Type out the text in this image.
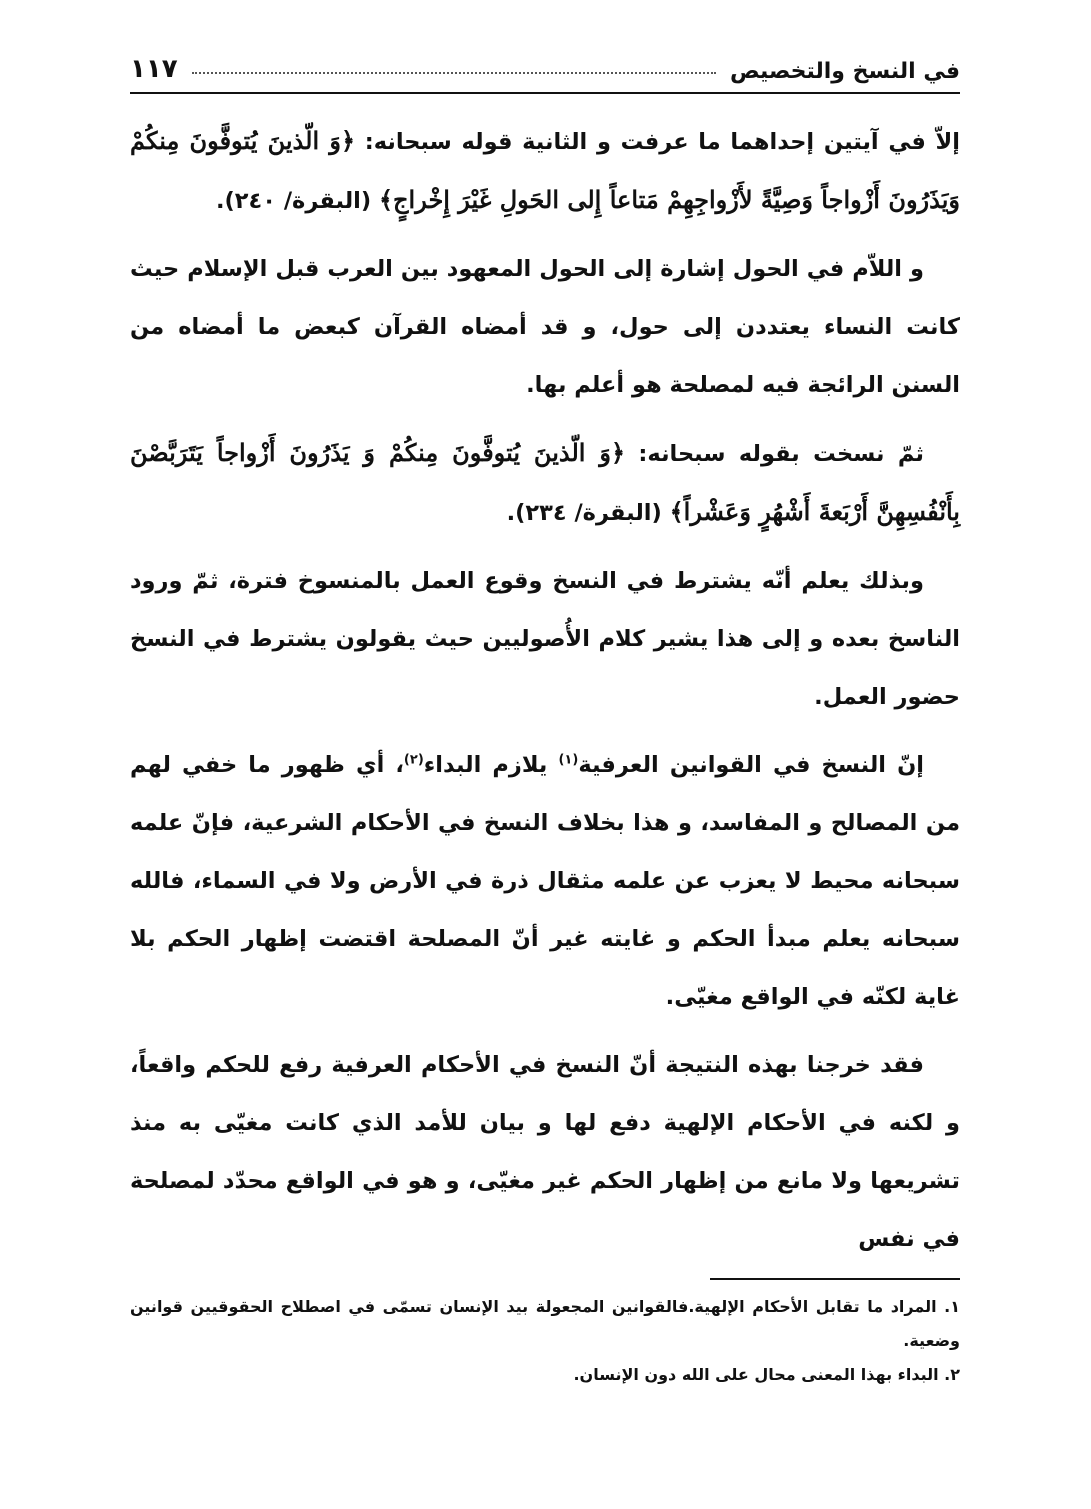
في النسخ والتخصيص
١١٧

إلاّ في آيتين إحداهما ما عرفت و الثانية قوله سبحانه: ﴿وَ الّذينَ يُتوفَّونَ مِنكُمْ وَيَذَرُونَ أَزْواجاً وَصِيَّةً لأَزْواجِهِمْ مَتاعاً إِلى الحَولِ غَيْرَ إِخْراجٍ﴾ (البقرة/ ٢٤٠).

و اللاّم في الحول إشارة إلى الحول المعهود بين العرب قبل الإسلام حيث كانت النساء يعتددن إلى حول، و قد أمضاه القرآن كبعض ما أمضاه من السنن الرائجة فيه لمصلحة هو أعلم بها.

ثمّ نسخت بقوله سبحانه: ﴿وَ الّذينَ يُتوفَّونَ مِنكُمْ وَ يَذَرُونَ أَزْواجاً يَتَرَبَّصْنَ بِأَنْفُسِهِنَّ أَرْبَعةَ أَشْهُرٍ وَعَشْراً﴾ (البقرة/ ٢٣٤).

وبذلك يعلم أنّه يشترط في النسخ وقوع العمل بالمنسوخ فترة، ثمّ ورود الناسخ بعده و إلى هذا يشير كلام الأُصوليين حيث يقولون يشترط في النسخ حضور العمل.

إنّ النسخ في القوانين العرفية$^{(١)}$ يلازم البداء$^{(٢)}$، أي ظهور ما خفي لهم من المصالح و المفاسد، و هذا بخلاف النسخ في الأحكام الشرعية، فإنّ علمه سبحانه محيط لا يعزب عن علمه مثقال ذرة في الأرض ولا في السماء، فالله سبحانه يعلم مبدأ الحكم و غايته غير أنّ المصلحة اقتضت إظهار الحكم بلا غاية لكنّه في الواقع مغيّى.

فقد خرجنا بهذه النتيجة أنّ النسخ في الأحكام العرفية رفع للحكم واقعاً، و لكنه في الأحكام الإلهية دفع لها و بيان للأمد الذي كانت مغيّى به منذ تشريعها ولا مانع من إظهار الحكم غير مغيّى، و هو في الواقع محدّد لمصلحة في نفس

١. المراد ما تقابل الأحكام الإلهية.فالقوانين المجعولة بيد الإنسان تسمّى في اصطلاح الحقوقيين قوانين وضعية.

٢. البداء بهذا المعنى محال على الله دون الإنسان.
